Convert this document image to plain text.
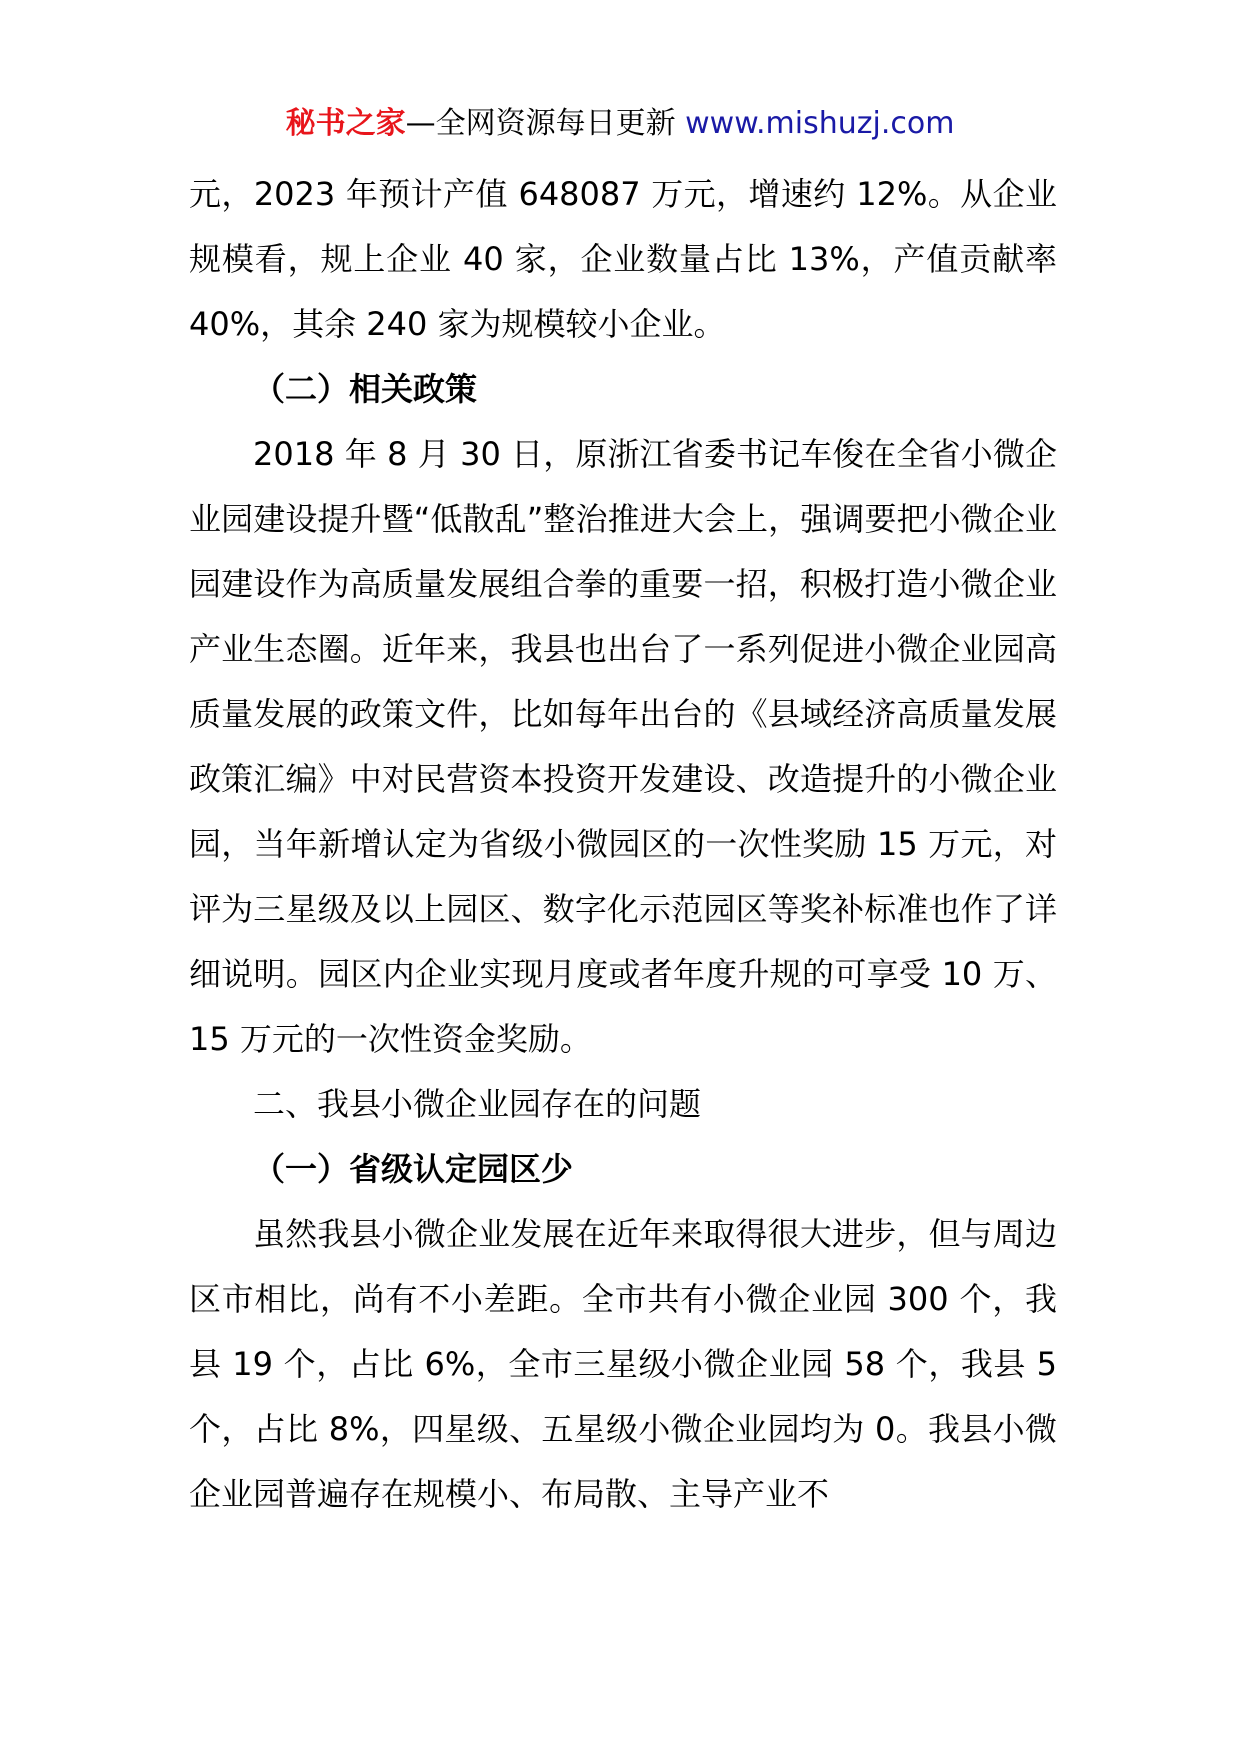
秘书之家—全网资源每日更新 www.mishuzj.com

元，2023 年预计产值 648087 万元，增速约 12%。从企业规模看，规上企业 40 家，企业数量占比 13%，产值贡献率 40%，其余 240 家为规模较小企业。

（二）相关政策

2018 年 8 月 30 日，原浙江省委书记车俊在全省小微企业园建设提升暨“低散乱”整治推进大会上，强调要把小微企业园建设作为高质量发展组合拳的重要一招，积极打造小微企业产业生态圈。近年来，我县也出台了一系列促进小微企业园高质量发展的政策文件，比如每年出台的《县域经济高质量发展政策汇编》中对民营资本投资开发建设、改造提升的小微企业园，当年新增认定为省级小微园区的一次性奖励 15 万元，对评为三星级及以上园区、数字化示范园区等奖补标准也作了详细说明。园区内企业实现月度或者年度升规的可享受 10 万、15 万元的一次性资金奖励。

二、我县小微企业园存在的问题

（一）省级认定园区少

虽然我县小微企业发展在近年来取得很大进步，但与周边区市相比，尚有不小差距。全市共有小微企业园 300 个，我县 19 个，占比 6%，全市三星级小微企业园 58 个，我县 5 个，占比 8%，四星级、五星级小微企业园均为 0。我县小微企业园普遍存在规模小、布局散、主导产业不
